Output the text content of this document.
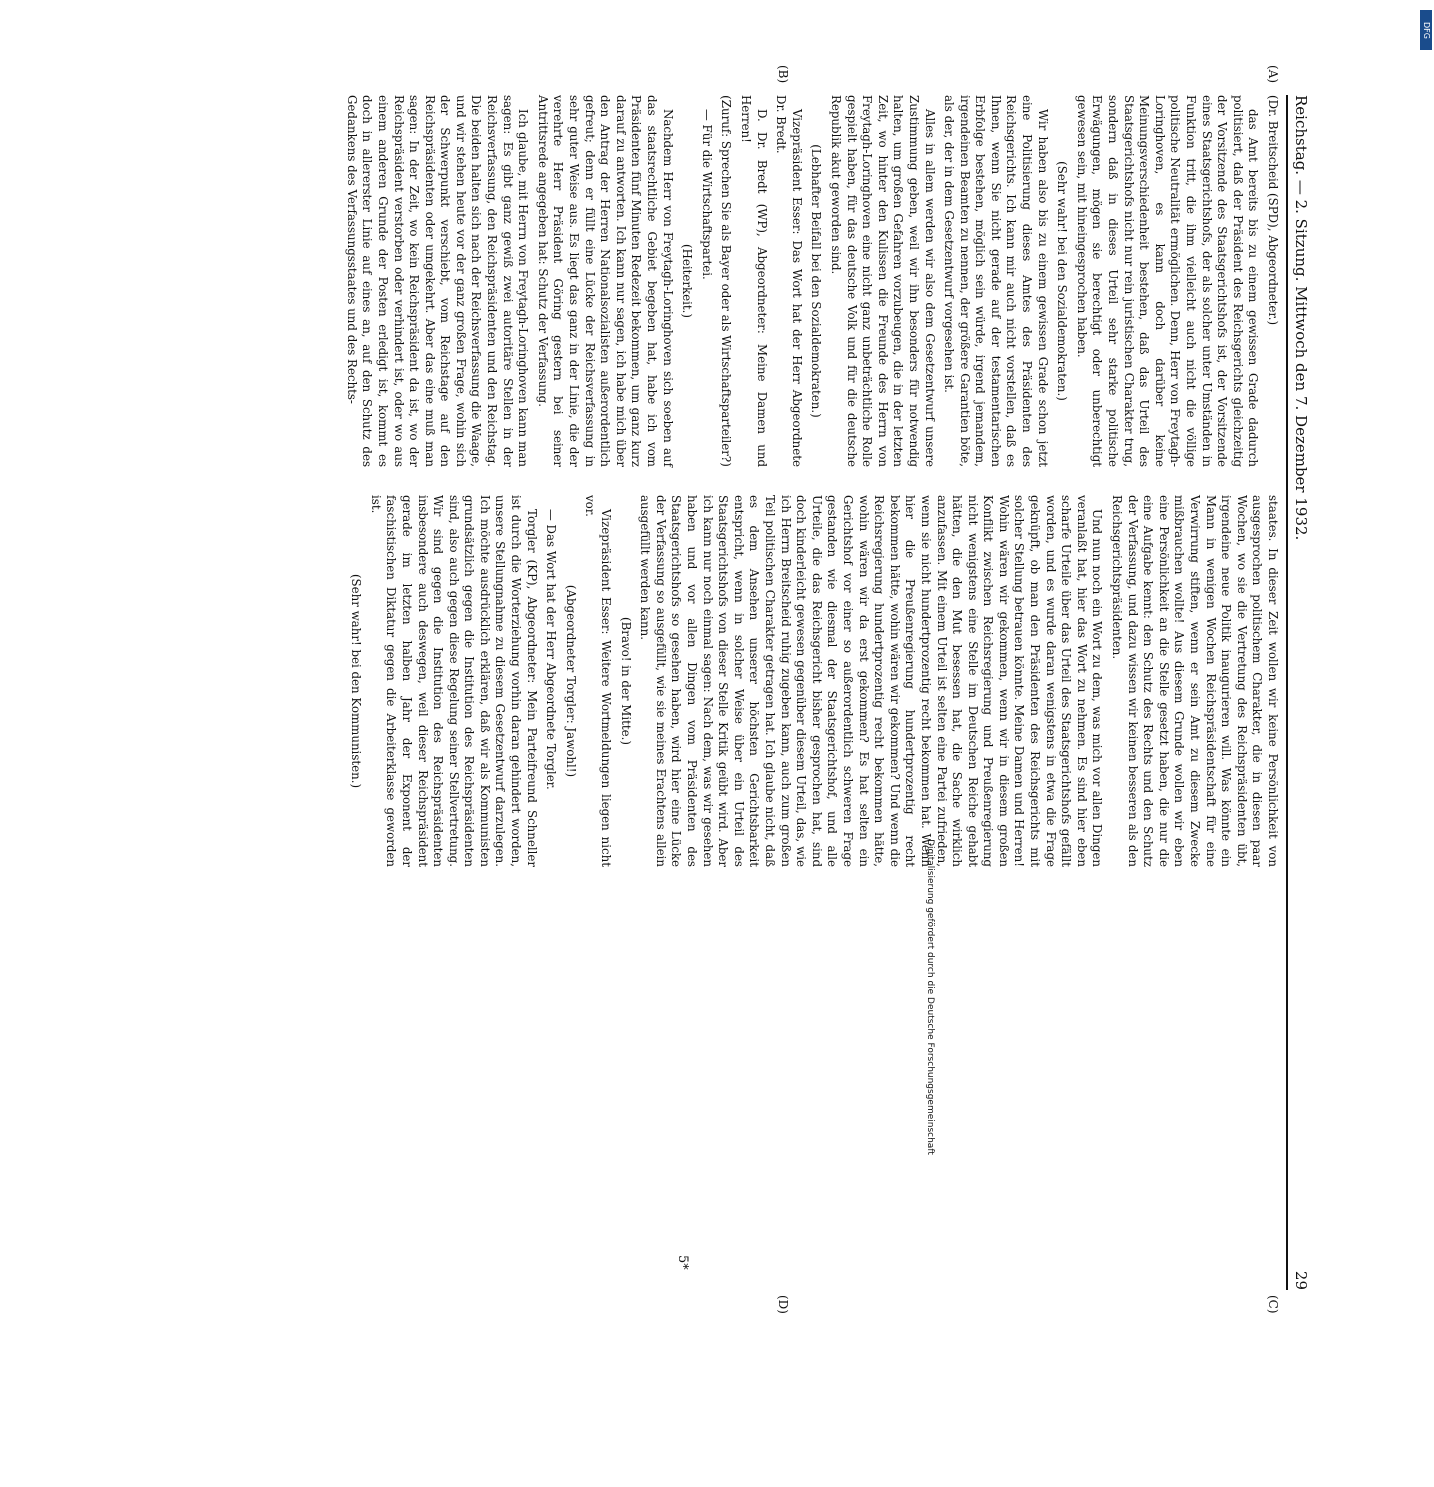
Reichstag. — 2. Sitzung. Mittwoch den 7. Dezember 1932.
29

(Dr. Breitscheid (SPD), Abgeordneter.)

das Amt bereits bis zu einem gewissen Grade dadurch politisiert, daß der Präsident des Reichsgerichts gleichzeitig der Vorsitzende des Staatsgerichtshofs ist, der Vorsitzende eines Staatsgerichtshofs, der als solcher unter Umständen in Funktion tritt, die ihm vielleicht auch nicht die völlige politische Neutralität ermöglichen. Denn, Herr von Freytagh-Loringhoven, es kann doch darüber keine Meinungsverschiedenheit bestehen, daß das Urteil des Staatsgerichtshofs nicht nur rein juristischen Charakter trug, sondern daß in dieses Urteil sehr starke politische Erwägungen, mögen sie berechtigt oder unberechtigt gewesen sein, mit hineingesprochen haben.

(Sehr wahr! bei den Sozialdemokraten.)

Wir haben also bis zu einem gewissen Grade schon jetzt eine Politisierung dieses Amtes des Präsidenten des Reichsgerichts. Ich kann mir auch nicht vorstellen, daß es Ihnen, wenn Sie nicht gerade auf der testamentarischen Erbfolge bestehen, möglich sein würde, irgend jemandem, irgendeinen Beamten zu nennen, der größere Garantien böte, als der, der in dem Gesetzentwurf vorgesehen ist.

Alles in allem werden wir also dem Gesetzentwurf unsere Zustimmung geben, weil wir ihn besonders für notwendig halten, um großen Gefahren vorzubeugen, die in der letzten Zeit, wo hinter den Kulissen die Freunde des Herrn von Freytagh-Loringhoven eine nicht ganz unbeträchtliche Rolle gespielt haben, für das deutsche Volk und für die deutsche Republik akut geworden sind.

(Lebhafter Beifall bei den Sozialdemokraten.)

Vizepräsident Esser: Das Wort hat der Herr Abgeordnete Dr. Bredt.

D. Dr. Bredt (WP), Abgeordneter: Meine Damen und Herren!

(Zuruf: Sprechen Sie als Bayer oder als Wirtschaftsparteiler?)

— Für die Wirtschaftspartei.

(Heiterkeit.)

Nachdem Herr von Freytagh-Loringhoven sich soeben auf das staatsrechtliche Gebiet begeben hat, habe ich vom Präsidenten fünf Minuten Redezeit bekommen, um ganz kurz darauf zu antworten. Ich kann nur sagen, ich habe mich über den Antrag der Herren Nationalsozialisten außerordentlich gefreut; denn er füllt eine Lücke der Reichsverfassung in sehr guter Weise aus. Es liegt das ganz in der Linie, die der verehrte Herr Präsident Göring gestern bei seiner Antrittsrede angegeben hat: Schutz der Verfassung.

Ich glaube, mit Herrn von Freytagh-Loringhoven kann man sagen: Es gibt ganz gewiß zwei autoritäre Stellen in der Reichsverfassung, den Reichspräsidenten und den Reichstag. Die beiden halten sich nach der Reichsverfassung die Waage, und wir stehen heute vor der ganz großen Frage, wohin sich der Schwerpunkt verschiebt, vom Reichstage auf den Reichspräsidenten oder umgekehrt. Aber das eine muß man sagen: In der Zeit, wo kein Reichspräsident da ist, wo der Reichspräsident verstorben oder verhindert ist, oder wo aus einem anderen Grunde der Posten erledigt ist, kommt es doch in allererster Linie auf eines an, auf den Schutz des Gedankens des Verfassungsstaates und des Rechts-

staates. In dieser Zeit wollen wir keine Persönlichkeit von ausgesprochen politischem Charakter, die in diesen paar Wochen, wo sie die Vertretung des Reichspräsidenten übt, irgendeine neue Politik inaugurieren will. Was könnte ein Mann in wenigen Wochen Reichspräsidentschaft für eine Verwirrung stiften, wenn er sein Amt zu diesem Zwecke mißbrauchen wollte! Aus diesem Grunde wollen wir eben eine Persönlichkeit an die Stelle gesetzt haben, die nur die eine Aufgabe kennt: den Schutz des Rechts und den Schutz der Verfassung, und dazu wissen wir keinen besseren als den Reichsgerichtspräsidenten.

Und nun noch ein Wort zu dem, was mich vor allen Dingen veranlaßt hat, hier das Wort zu nehmen. Es sind hier eben scharfe Urteile über das Urteil des Staatsgerichtshofs gefällt worden, und es wurde daran wenigstens in etwa die Frage geknüpft, ob man den Präsidenten des Reichsgerichts mit solcher Stellung betrauen könnte. Meine Damen und Herren! Wohin wären wir gekommen, wenn wir in diesem großen Konflikt zwischen Reichsregierung und Preußenregierung nicht wenigstens eine Stelle im Deutschen Reiche gehabt hätten, die den Mut besessen hat, die Sache wirklich anzufassen. Mit einem Urteil ist selten eine Partei zufrieden, wenn sie nicht hundertprozentig recht bekommen hat. Wenn hier die Preußenregierung hundertprozentig recht bekommen hätte, wohin wären wir gekommen? Und wenn die Reichsregierung hundertprozentig recht bekommen hätte, wohin wären wir da erst gekommen? Es hat selten ein Gerichtshof vor einer so außerordentlich schweren Frage gestanden wie diesmal der Staatsgerichtshof, und alle Urteile, die das Reichsgericht bisher gesprochen hat, sind doch kinderleicht gewesen gegenüber diesem Urteil, das, wie ich Herrn Breitscheid ruhig zugeben kann, auch zum großen Teil politischen Charakter getragen hat. Ich glaube nicht, daß es dem Ansehen unserer höchsten Gerichtsbarkeit entspricht, wenn in solcher Weise über ein Urteil des Staatsgerichtshofs von dieser Stelle Kritik geübt wird. Aber ich kann nur noch einmal sagen: Nach dem, was wir gesehen haben und vor allen Dingen vom Präsidenten des Staatsgerichtshofs so gesehen haben, wird hier eine Lücke der Verfassung so ausgefüllt, wie sie meines Erachtens allein ausgefüllt werden kann.

(Bravo! in der Mitte.)

Vizepräsident Esser: Weitere Wortmeldungen liegen nicht vor.

(Abgeordneter Torgler: Jawohl!)

— Das Wort hat der Herr Abgeordnete Torgler.

Torgler (KP), Abgeordneter: Mein Parteifreund Schneller ist durch die Worterziehung vorhin daran gehindert worden, unsere Stellungnahme zu diesem Gesetzentwurf darzulegen. Ich möchte ausdrücklich erklären, daß wir als Kommunisten grundsätzlich gegen die Institution des Reichspräsidenten sind, also auch gegen diese Regelung seiner Stellvertretung. Wir sind gegen die Institution des Reichspräsidenten insbesondere auch deswegen, weil dieser Reichspräsident gerade im letzten halben Jahr der Exponent der faschistischen Diktatur gegen die Arbeiterklasse geworden ist.

(Sehr wahr! bei den Kommunisten.)

(A)
(B)
(C)
(D)
5*
Digitalisierung gefördert durch die Deutsche Forschungsgemeinschaft
DFG
